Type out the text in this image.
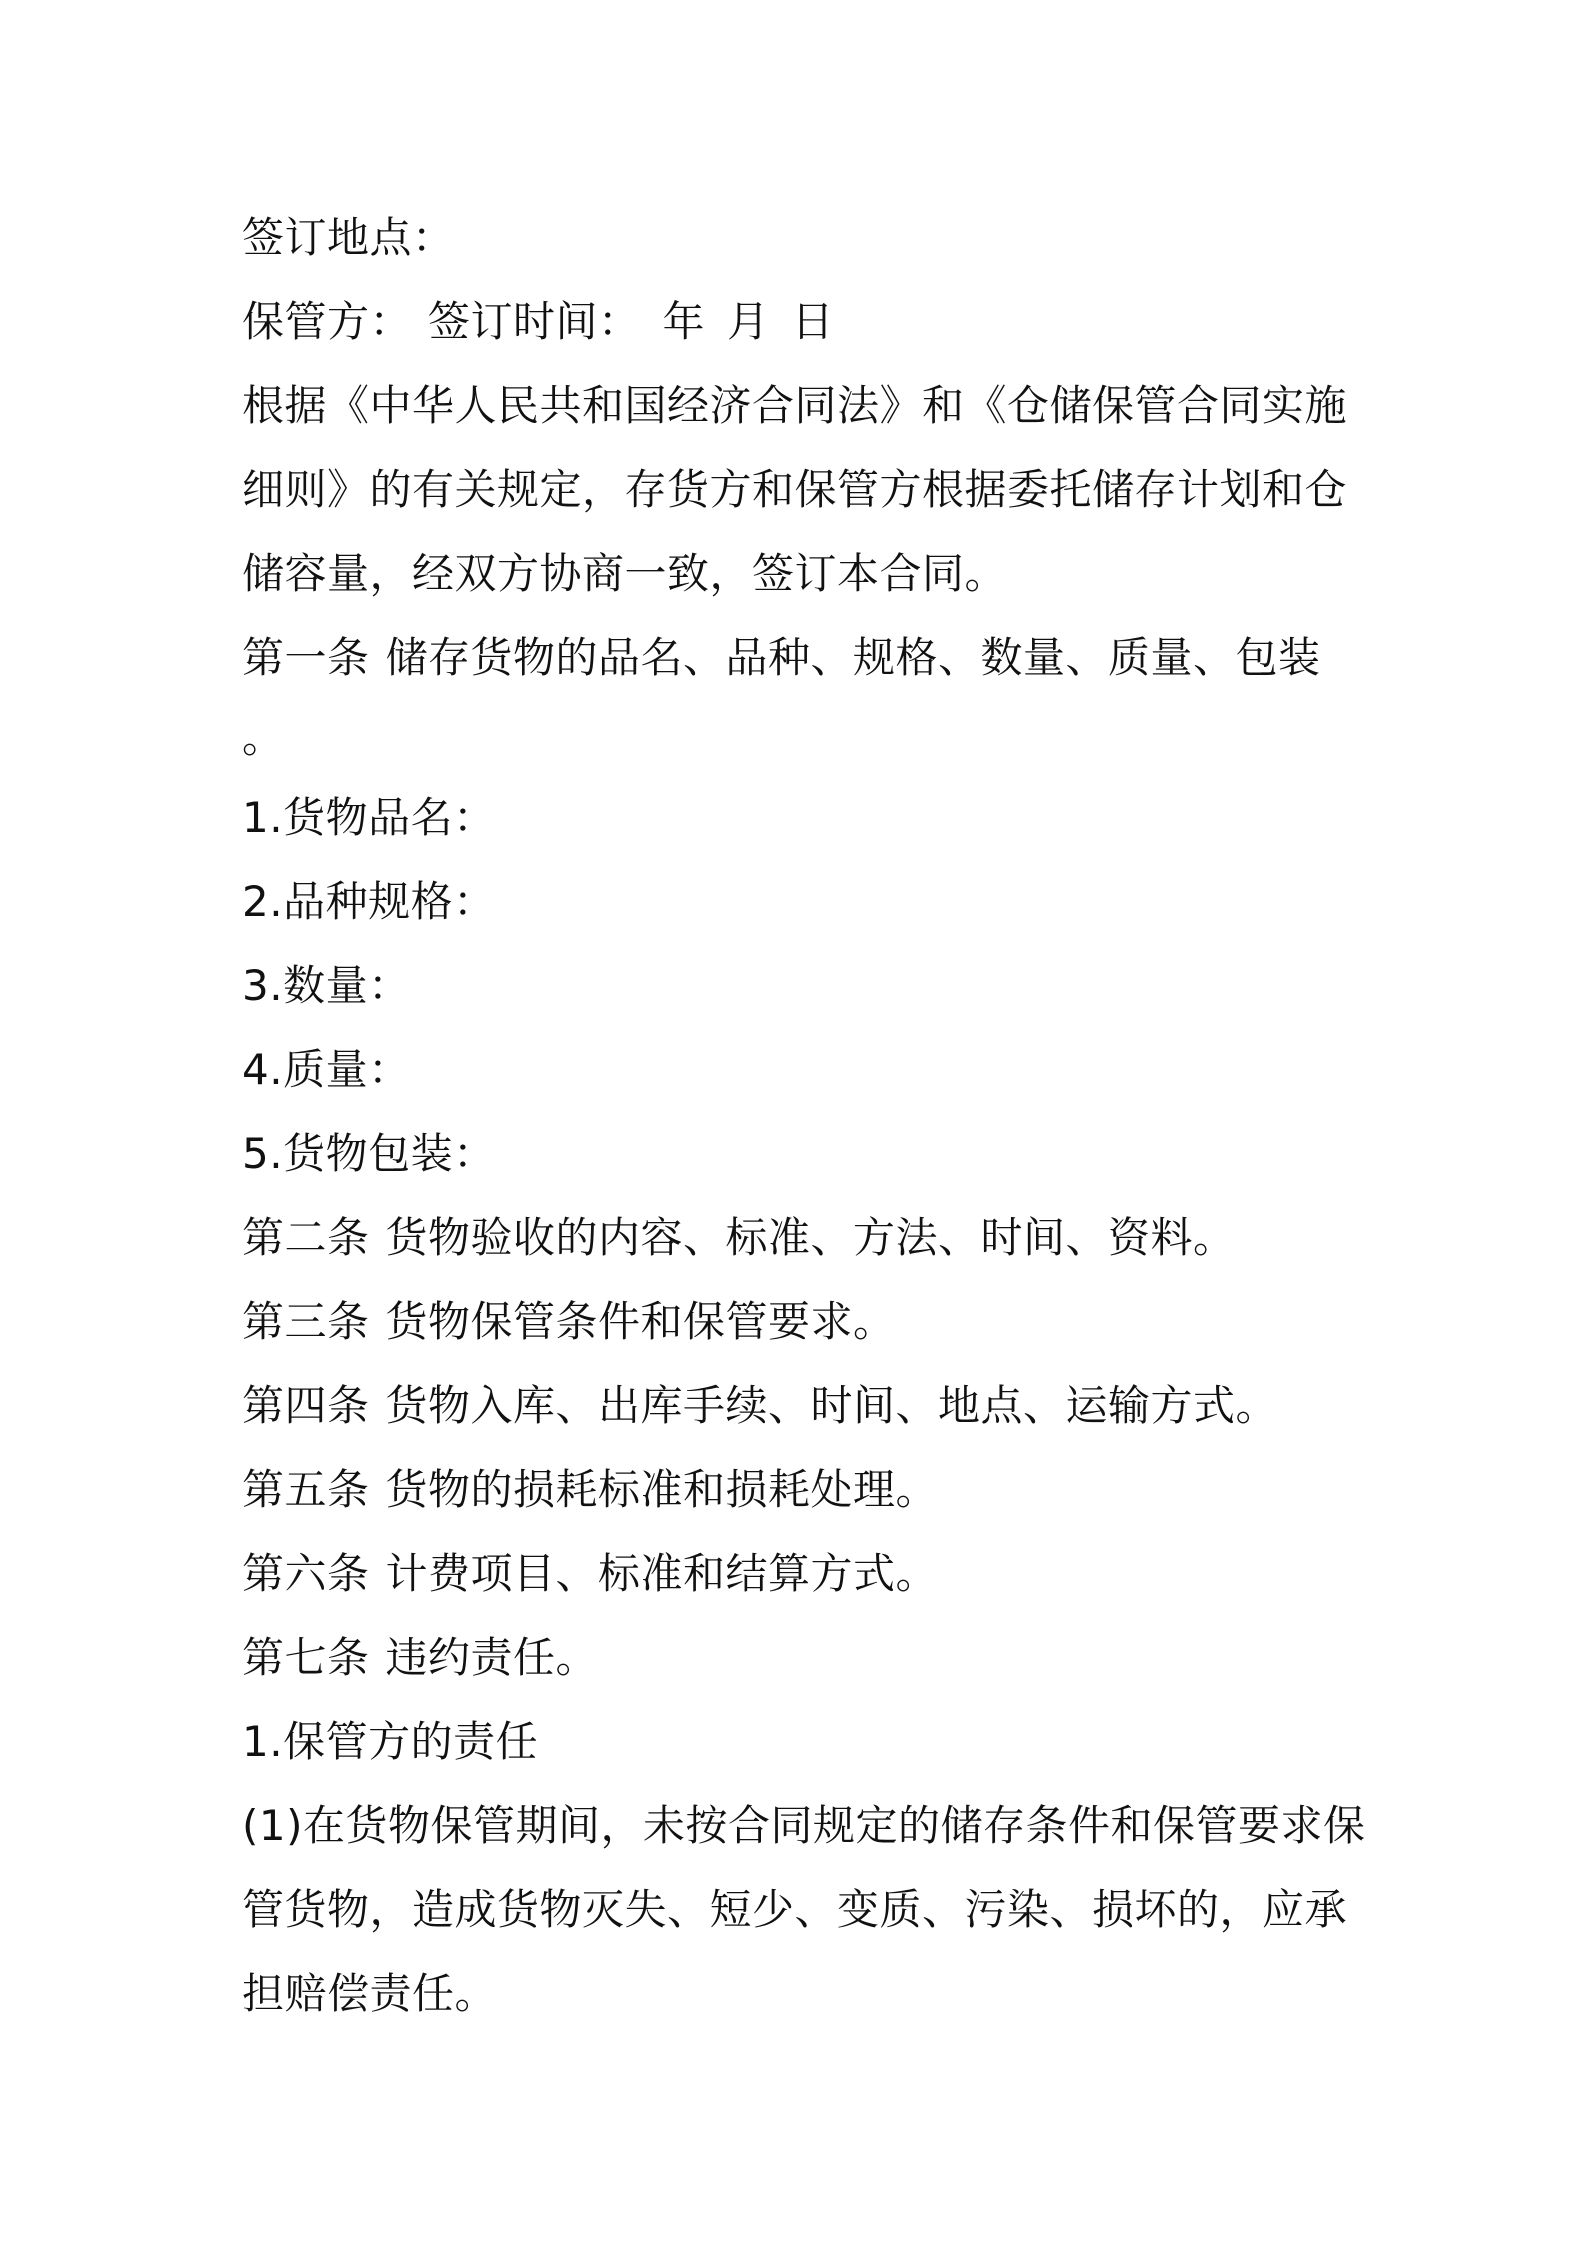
签订地点：
保管方： 签订时间： 年 月 日
根据《中华人民共和国经济合同法》和《仓储保管合同实施
细则》的有关规定，存货方和保管方根据委托储存计划和仓
储容量，经双方协商一致，签订本合同。
第一条 储存货物的品名、品种、规格、数量、质量、包装
。
1.货物品名：
2.品种规格：
3.数量：
4.质量：
5.货物包装：
第二条 货物验收的内容、标准、方法、时间、资料。
第三条 货物保管条件和保管要求。
第四条 货物入库、出库手续、时间、地点、运输方式。
第五条 货物的损耗标准和损耗处理。
第六条 计费项目、标准和结算方式。
第七条 违约责任。
1.保管方的责任
(1)在货物保管期间，未按合同规定的储存条件和保管要求保
管货物，造成货物灭失、短少、变质、污染、损坏的，应承
担赔偿责任。
